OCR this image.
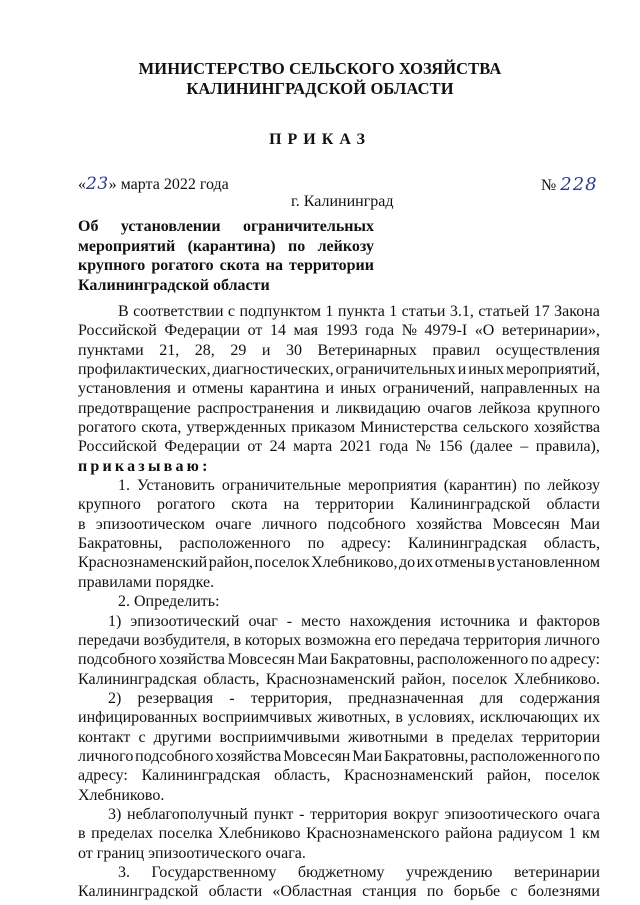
МИНИСТЕРСТВО СЕЛЬСКОГО ХОЗЯЙСТВА
КАЛИНИНГРАДСКОЙ ОБЛАСТИ
ПРИКАЗ
«23» марта 2022 года	№ 228
г. Калининград
Об установлении ограничительных
мероприятий (карантина) по лейкозу
крупного рогатого скота на территории
Калининградской области
В соответствии с подпунктом 1 пункта 1 статьи 3.1, статьей 17 Закона
Российской Федерации от 14 мая 1993 года № 4979-I «О ветеринарии»,
пунктами 21, 28, 29 и 30 Ветеринарных правил осуществления
профилактических, диагностических, ограничительных и иных мероприятий,
установления и отмены карантина и иных ограничений, направленных на
предотвращение распространения и ликвидацию очагов лейкоза крупного
рогатого скота, утвержденных приказом Министерства сельского хозяйства
Российской Федерации от 24 марта 2021 года № 156 (далее – правила),
приказываю:
1. Установить ограничительные мероприятия (карантин) по лейкозу
крупного рогатого скота на территории Калининградской области
в эпизоотическом очаге личного подсобного хозяйства Мовсесян Маи
Бакратовны, расположенного по адресу: Калининградская область,
Краснознаменский район, поселок Хлебниково, до их отмены в установленном
правилами порядке.
2. Определить:
1) эпизоотический очаг - место нахождения источника и факторов
передачи возбудителя, в которых возможна его передача территория личного
подсобного хозяйства Мовсесян Маи Бакратовны, расположенного по адресу:
Калининградская область, Краснознаменский район, поселок Хлебниково.
2) резервация - территория, предназначенная для содержания
инфицированных восприимчивых животных, в условиях, исключающих их
контакт с другими восприимчивыми животными в пределах территории
личного подсобного хозяйства Мовсесян Маи Бакратовны, расположенного по
адресу: Калининградская область, Краснознаменский район, поселок
Хлебниково.
3) неблагополучный пункт - территория вокруг эпизоотического очага
в пределах поселка Хлебниково Краснознаменского района радиусом 1 км
от границ эпизоотического очага.
3. Государственному бюджетному учреждению ветеринарии
Калининградской области «Областная станция по борьбе с болезнями
